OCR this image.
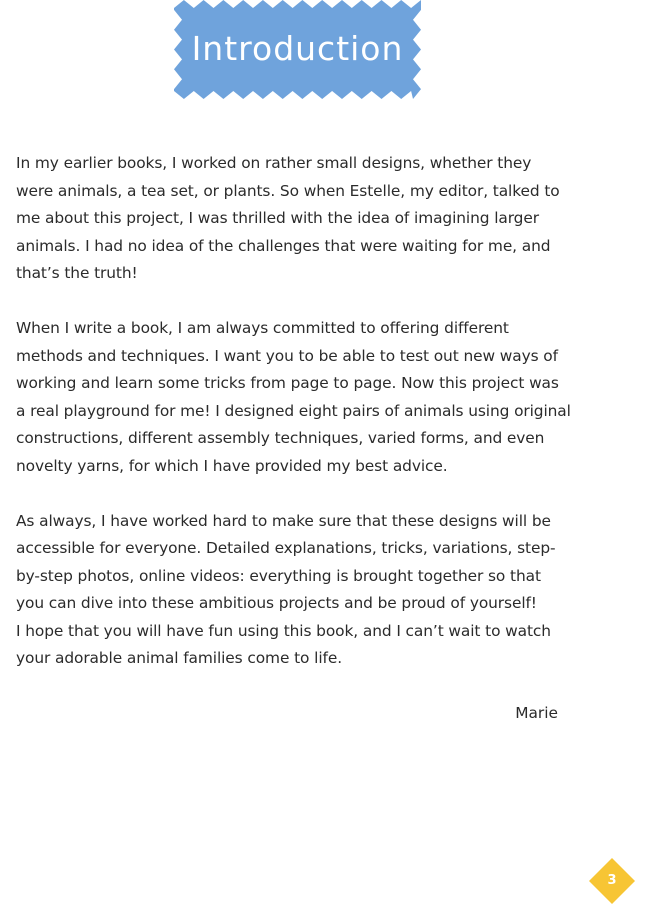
Introduction

In my earlier books, I worked on rather small designs, whether they
were animals, a tea set, or plants. So when Estelle, my editor, talked to
me about this project, I was thrilled with the idea of imagining larger
animals. I had no idea of the challenges that were waiting for me, and
that’s the truth!

When I write a book, I am always committed to offering different
methods and techniques. I want you to be able to test out new ways of
working and learn some tricks from page to page. Now this project was
a real playground for me! I designed eight pairs of animals using original
constructions, different assembly techniques, varied forms, and even
novelty yarns, for which I have provided my best advice.

As always, I have worked hard to make sure that these designs will be
accessible for everyone. Detailed explanations, tricks, variations, step-
by-step photos, online videos: everything is brought together so that
you can dive into these ambitious projects and be proud of yourself!
I hope that you will have fun using this book, and I can’t wait to watch
your adorable animal families come to life.

Marie
3
